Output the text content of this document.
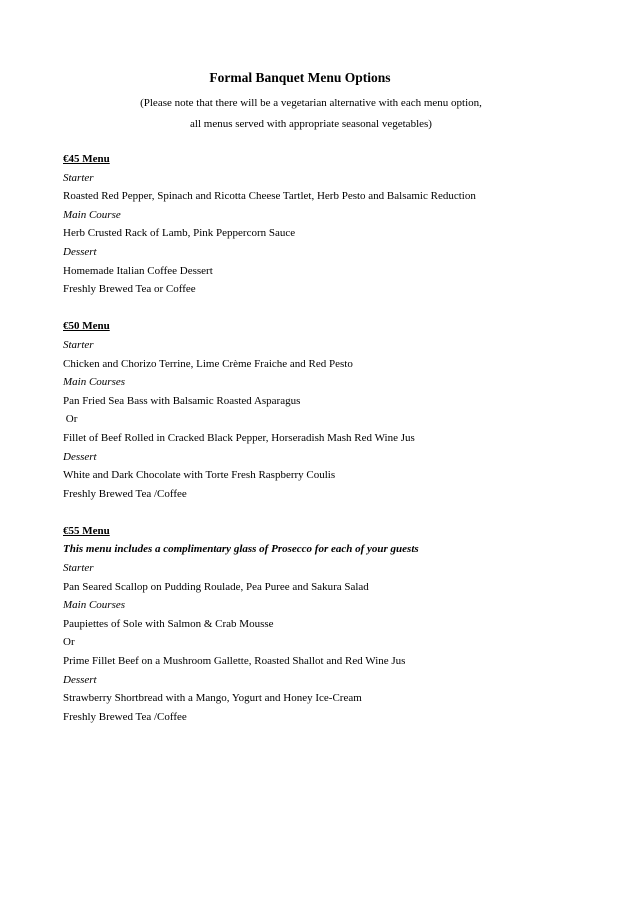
Formal Banquet Menu Options
(Please note that there will be a vegetarian alternative with each menu option,
all menus served with appropriate seasonal vegetables)
€45 Menu
Starter
Roasted Red Pepper, Spinach and Ricotta Cheese Tartlet, Herb Pesto and Balsamic Reduction
Main Course
Herb Crusted Rack of Lamb, Pink Peppercorn Sauce
Dessert
Homemade Italian Coffee Dessert
Freshly Brewed Tea or Coffee
€50 Menu
Starter
Chicken and Chorizo Terrine, Lime Crème Fraiche and Red Pesto
Main Courses
Pan Fried Sea Bass with Balsamic Roasted Asparagus
Or
Fillet of Beef Rolled in Cracked Black Pepper, Horseradish Mash Red Wine Jus
Dessert
White and Dark Chocolate with Torte Fresh Raspberry Coulis
Freshly Brewed Tea /Coffee
€55 Menu
This menu includes a complimentary glass of Prosecco for each of your guests
Starter
Pan Seared Scallop on Pudding Roulade, Pea Puree and Sakura Salad
Main Courses
Paupiettes of Sole with Salmon & Crab Mousse
Or
Prime Fillet Beef on a Mushroom Gallette, Roasted Shallot and Red Wine Jus
Dessert
Strawberry Shortbread with a Mango, Yogurt and Honey Ice-Cream
Freshly Brewed Tea /Coffee
